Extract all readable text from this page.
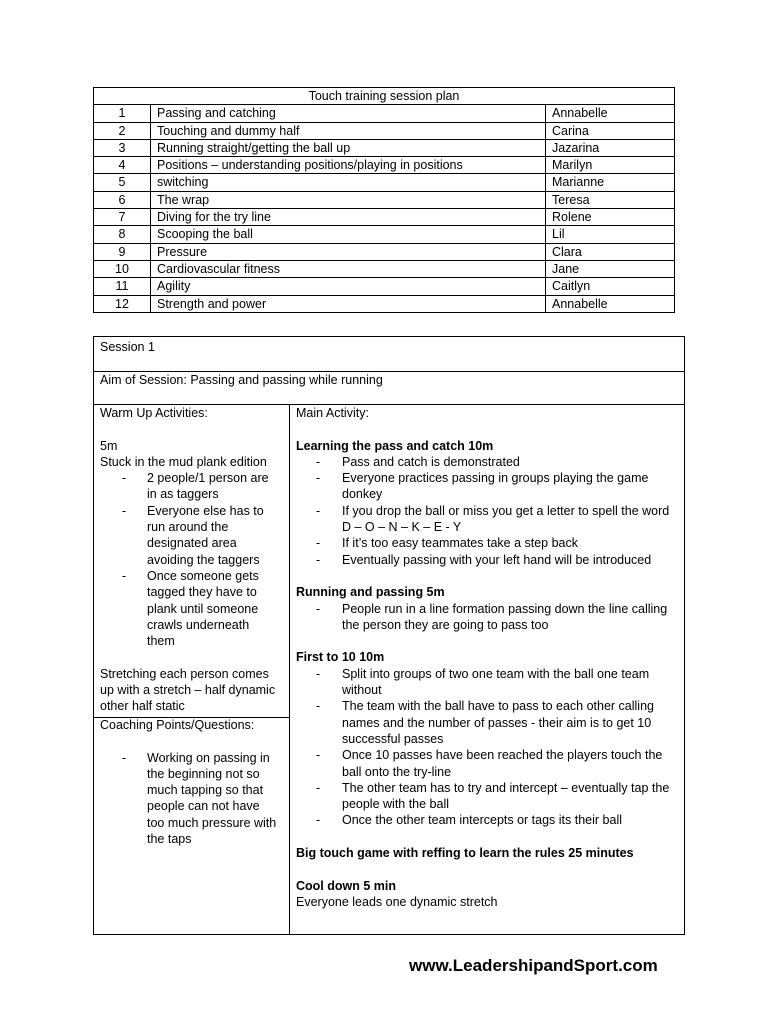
Touch training session plan		
1	Passing and catching	Annabelle
2	Touching and dummy half	Carina
3	Running straight/getting the ball up	Jazarina
4	Positions – understanding positions/playing in positions	Marilyn
5	switching	Marianne
6	The wrap	Teresa
7	Diving for the try line	Rolene
8	Scooping the ball	Lil
9	Pressure	Clara
10	Cardiovascular fitness	Jane
11	Agility	Caitlyn
12	Strength and power	Annabelle
Session 1
Aim of Session: Passing and passing while running

Warm Up Activities:

5m

Stuck in the mud plank edition

- 2 people/1 person are in as taggers
- Everyone else has to run around the designated area avoiding the taggers
- Once someone gets tagged they have to plank until someone crawls underneath them

Stretching each person comes up with a stretch – half dynamic other half static

Coaching Points/Questions:

- Working on passing in the beginning not so much tapping so that people can not have too much pressure with the taps

Main Activity:

Learning the pass and catch 10m

- Pass and catch is demonstrated
- Everyone practices passing in groups playing the game donkey
- If you drop the ball or miss you get a letter to spell the word D – O – N – K – E - Y
- If it’s too easy teammates take a step back
- Eventually passing with your left hand will be introduced

Running and passing 5m

- People run in a line formation passing down the line calling the person they are going to pass too

First to 10 10m

- Split into groups of two one team with the ball one team without
- The team with the ball have to pass to each other calling names and the number of passes - their aim is to get 10 successful passes
- Once 10 passes have been reached the players touch the ball onto the try-line
- The other team has to try and intercept – eventually tap the people with the ball
- Once the other team intercepts or tags its their ball

Big touch game with reffing to learn the rules 25 minutes

Cool down 5 min

Everyone leads one dynamic stretch

www.LeadershipandSport.com
